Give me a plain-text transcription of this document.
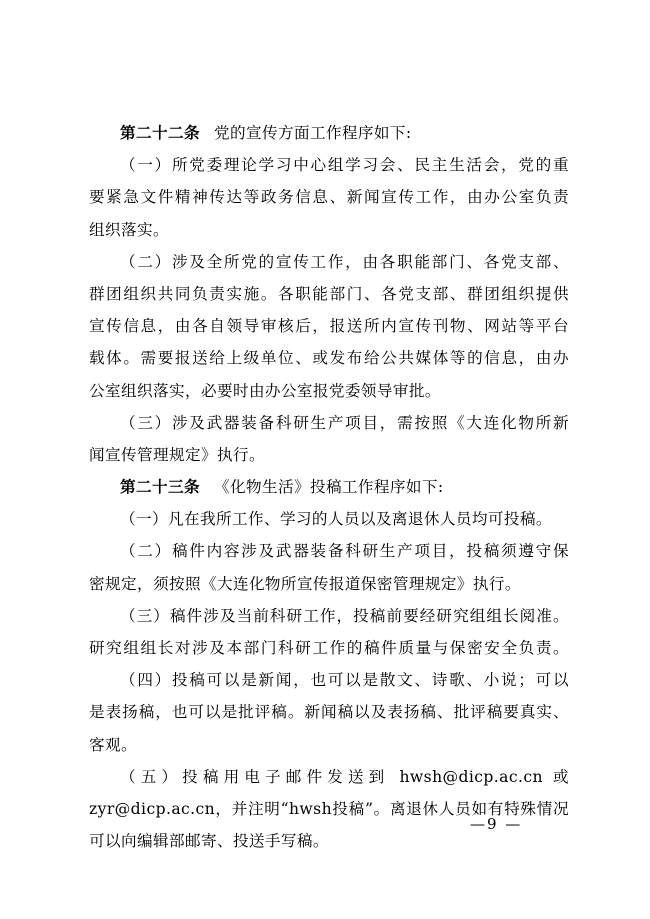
第二十二条 党的宣传方面工作程序如下:
（一）所党委理论学习中心组学习会、民主生活会，党的重
要紧急文件精神传达等政务信息、新闻宣传工作，由办公室负责
组织落实。
（二）涉及全所党的宣传工作，由各职能部门、各党支部、
群团组织共同负责实施。各职能部门、各党支部、群团组织提供
宣传信息，由各自领导审核后，报送所内宣传刊物、网站等平台
载体。需要报送给上级单位、或发布给公共媒体等的信息，由办
公室组织落实，必要时由办公室报党委领导审批。
（三）涉及武器装备科研生产项目，需按照《大连化物所新
闻宣传管理规定》执行。
第二十三条 《化物生活》投稿工作程序如下:
（一）凡在我所工作、学习的人员以及离退休人员均可投稿。
（二）稿件内容涉及武器装备科研生产项目，投稿须遵守保
密规定，须按照《大连化物所宣传报道保密管理规定》执行。
（三）稿件涉及当前科研工作，投稿前要经研究组组长阅准。
研究组组长对涉及本部门科研工作的稿件质量与保密安全负责。
（四）投稿可以是新闻，也可以是散文、诗歌、小说；可以
是表扬稿，也可以是批评稿。新闻稿以及表扬稿、批评稿要真实、
客观。
（五）投稿用电子邮件发送到 hwsh@dicp.ac.cn 或
zyr@dicp.ac.cn，并注明“hwsh投稿”。离退休人员如有特殊情况
可以向编辑部邮寄、投送手写稿。
—9 —
